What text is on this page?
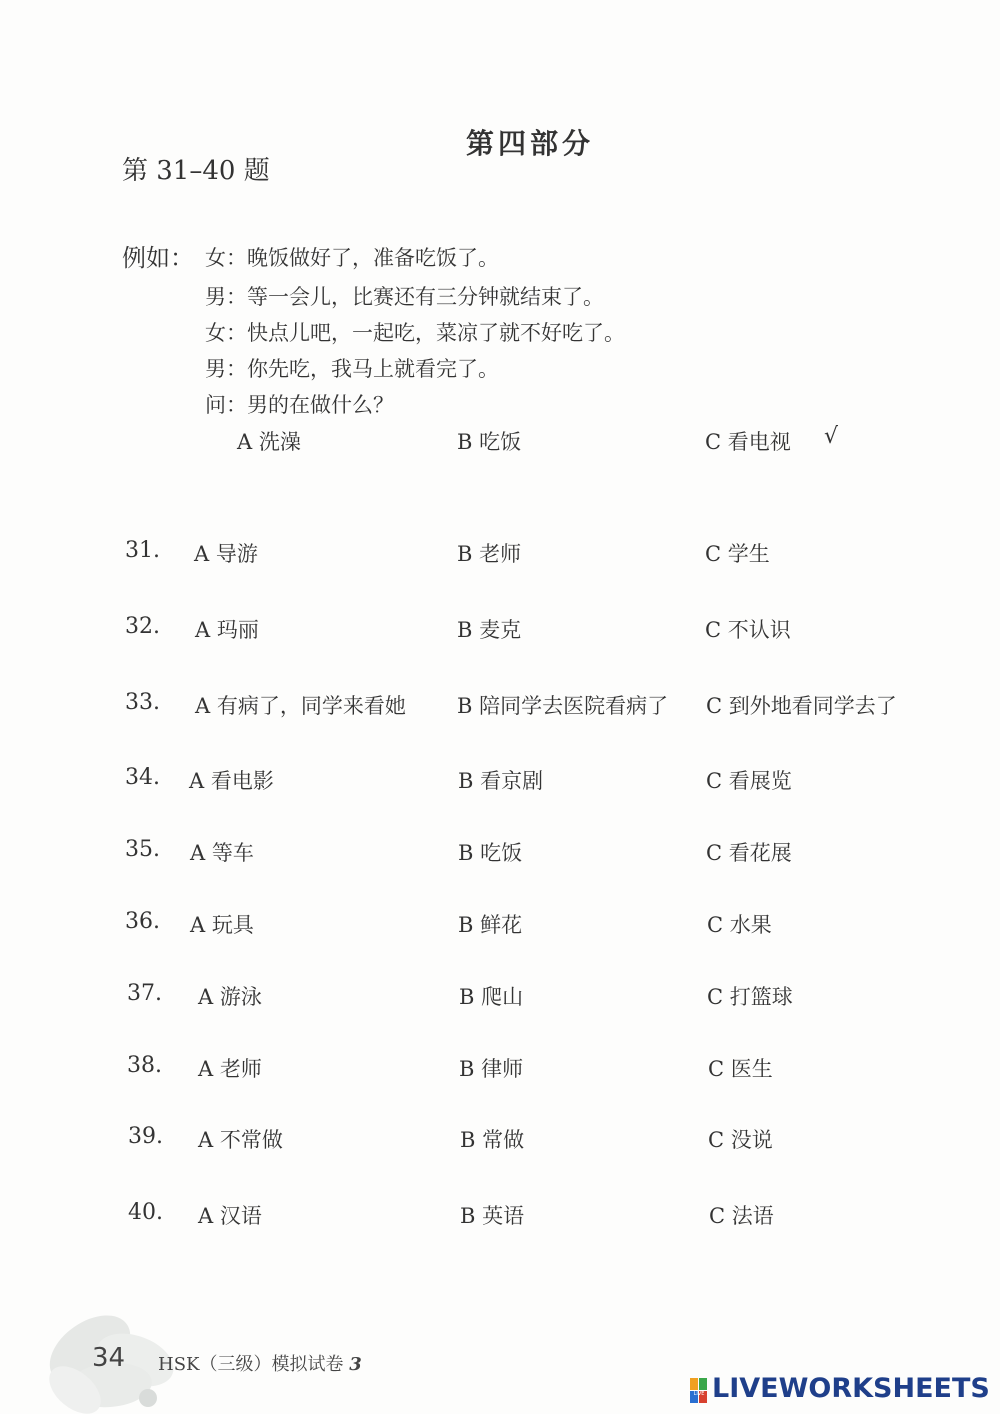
第四部分
第 31–40 题
例如： 女：晚饭做好了，准备吃饭了。
男：等一会儿，比赛还有三分钟就结束了。
女：快点儿吧，一起吃，菜凉了就不好吃了。
男：你先吃，我马上就看完了。
问：男的在做什么？
A 洗澡	B 吃饭	C 看电视 √
31. A 导游	B 老师	C 学生
32. A 玛丽	B 麦克	C 不认识
33. A 有病了，同学来看她 B 陪同学去医院看病了 C 到外地看同学去了
34. A 看电影	B 看京剧	C 看展览
35. A 等车	B 吃饭	C 看花展
36. A 玩具	B 鲜花	C 水果
37. A 游泳	B 爬山	C 打篮球
38. A 老师	B 律师	C 医生
39. A 不常做	B 常做	C 没说
40. A 汉语	B 英语	C 法语
34 HSK（三级）模拟试卷 3
LIVE LIVEWORKSHEETS
